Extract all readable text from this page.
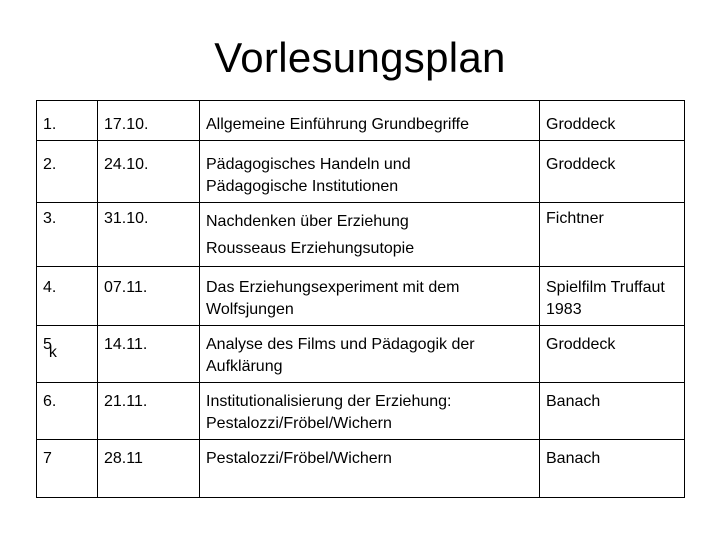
Vorlesungsplan
1.	17.10.	Allgemeine Einführung Grundbegriffe	Groddeck

2.	24.10.	Pädagogisches Handeln und
Pädagogische Institutionen	Groddeck

3.	31.10.	Nachdenken über Erziehung
Rousseaus Erziehungsutopie	Fichtner

4.	07.11.	Das Erziehungsexperiment mit dem
Wolfsjungen	Spielfilm Truffaut
1983

5k	14.11.	Analyse des Films und Pädagogik der
Aufklärung	Groddeck

6.	21.11.	Institutionalisierung der Erziehung:
Pestalozzi/Fröbel/Wichern	Banach

7	28.11	Pestalozzi/Fröbel/Wichern	Banach
